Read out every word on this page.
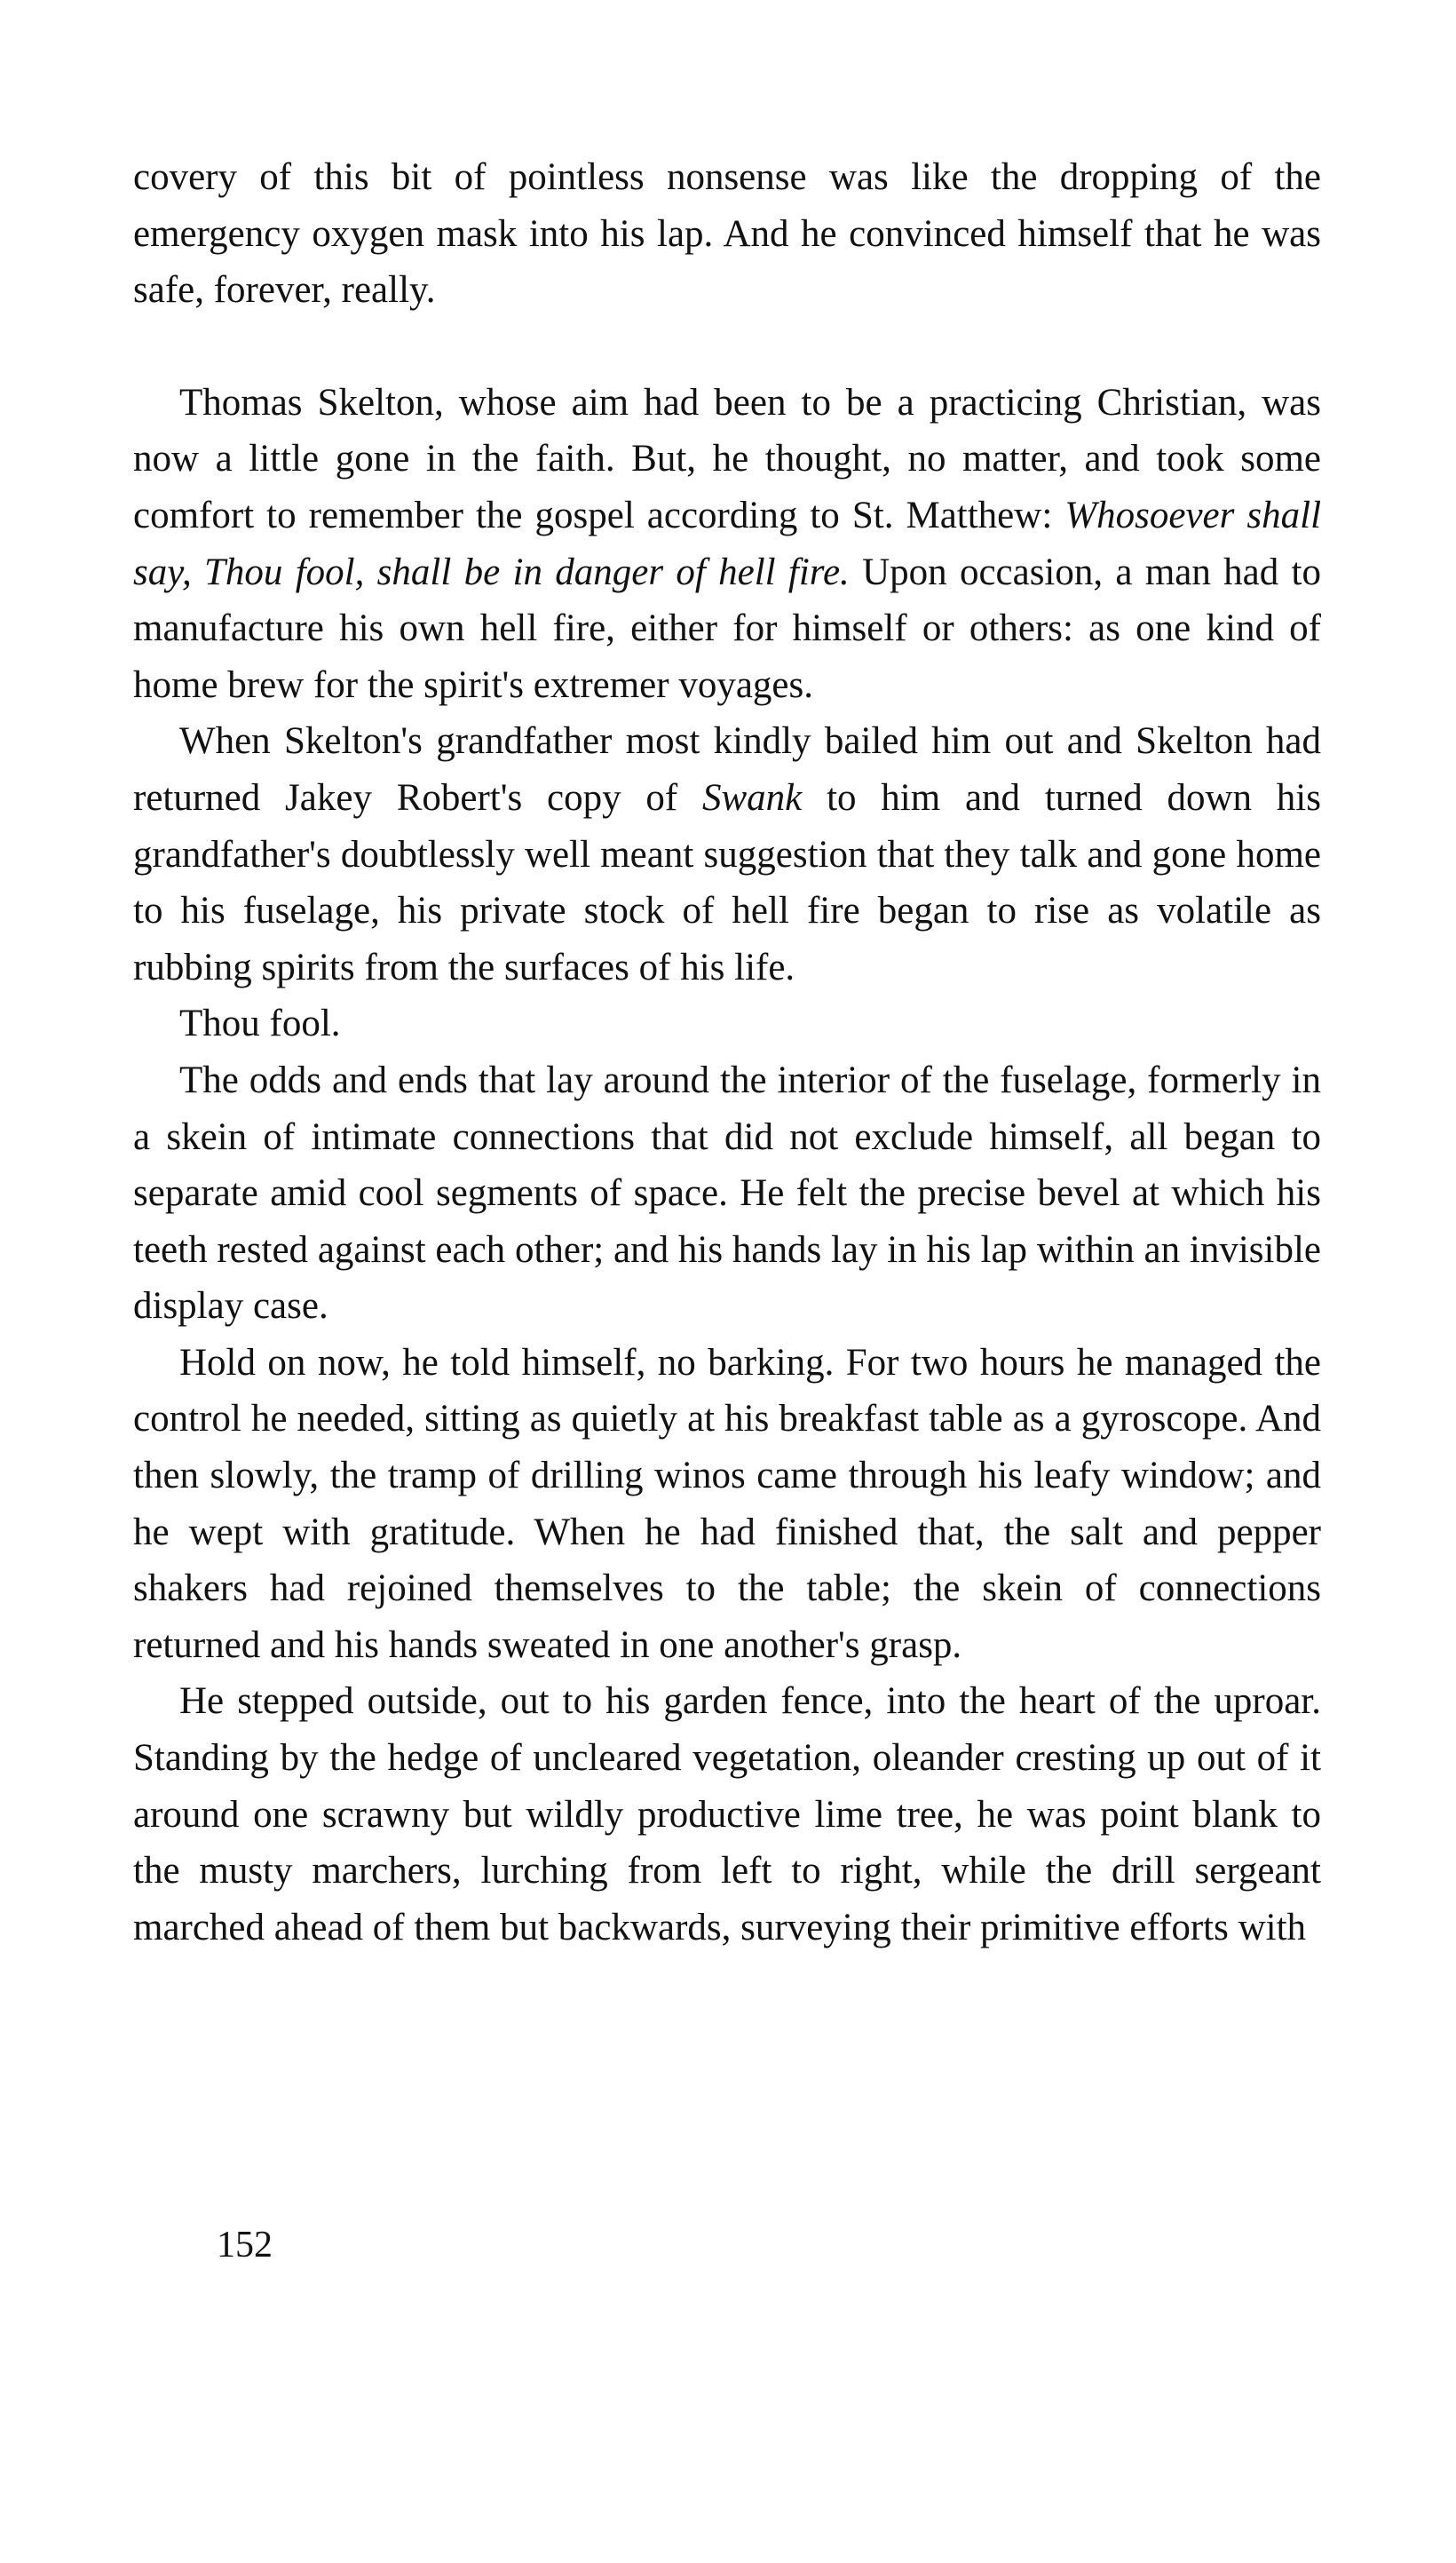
covery of this bit of pointless nonsense was like the dropping of the emergency oxygen mask into his lap. And he convinced himself that he was safe, forever, really.

Thomas Skelton, whose aim had been to be a practicing Christian, was now a little gone in the faith. But, he thought, no matter, and took some comfort to remember the gospel according to St. Matthew: Whosoever shall say, Thou fool, shall be in danger of hell fire. Upon occasion, a man had to manufacture his own hell fire, either for himself or others: as one kind of home brew for the spirit's extremer voyages.

When Skelton's grandfather most kindly bailed him out and Skelton had returned Jakey Robert's copy of Swank to him and turned down his grandfather's doubtlessly well meant suggestion that they talk and gone home to his fuselage, his private stock of hell fire began to rise as volatile as rubbing spirits from the surfaces of his life.

Thou fool.

The odds and ends that lay around the interior of the fuselage, formerly in a skein of intimate connections that did not exclude himself, all began to separate amid cool segments of space. He felt the precise bevel at which his teeth rested against each other; and his hands lay in his lap within an invisible display case.

Hold on now, he told himself, no barking. For two hours he managed the control he needed, sitting as quietly at his breakfast table as a gyroscope. And then slowly, the tramp of drilling winos came through his leafy window; and he wept with gratitude. When he had finished that, the salt and pepper shakers had rejoined themselves to the table; the skein of connections returned and his hands sweated in one another's grasp.

He stepped outside, out to his garden fence, into the heart of the uproar. Standing by the hedge of uncleared vegetation, oleander cresting up out of it around one scrawny but wildly productive lime tree, he was point blank to the musty marchers, lurching from left to right, while the drill sergeant marched ahead of them but backwards, surveying their primitive efforts with

152
